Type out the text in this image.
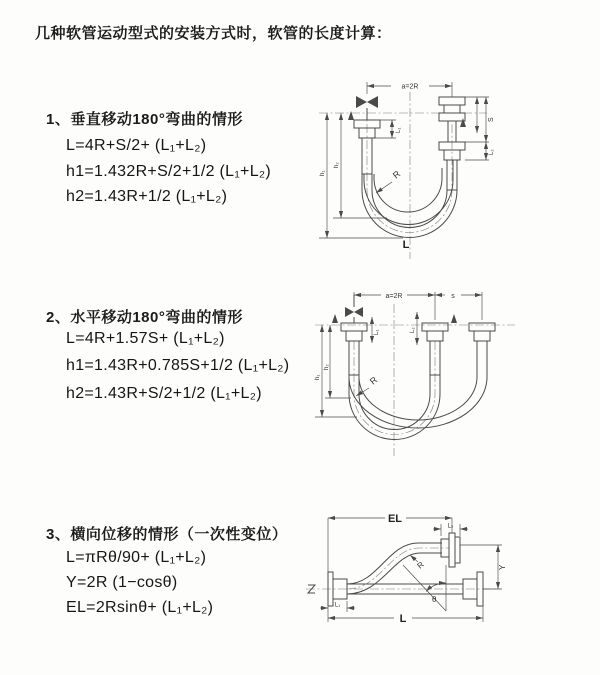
几种软管运动型式的安装方式时，软管的长度计算：
1、垂直移动180°弯曲的情形
L=4R+S/2+ (L₁+L₂)
h1=1.432R+S/2+1/2 (L₁+L₂)
h2=1.43R+1/2 (L₁+L₂)
2、水平移动180°弯曲的情形
L=4R+1.57S+ (L₁+L₂)
h1=1.43R+0.785S+1/2 (L₁+L₂)
h2=1.43R+S/2+1/2 (L₁+L₂)
3、横向位移的情形（一次性变位）
L=πRθ/90+ (L₁+L₂)
Y=2R (1−cosθ)
EL=2Rsinθ+ (L₁+L₂)
a=2R
L₁
S
L₂
h₁
h₂
R
L
a=2R	s
L₁	L₂
h₁
h₂
R
EL
L₂
Y
θ
R
L
L₁
